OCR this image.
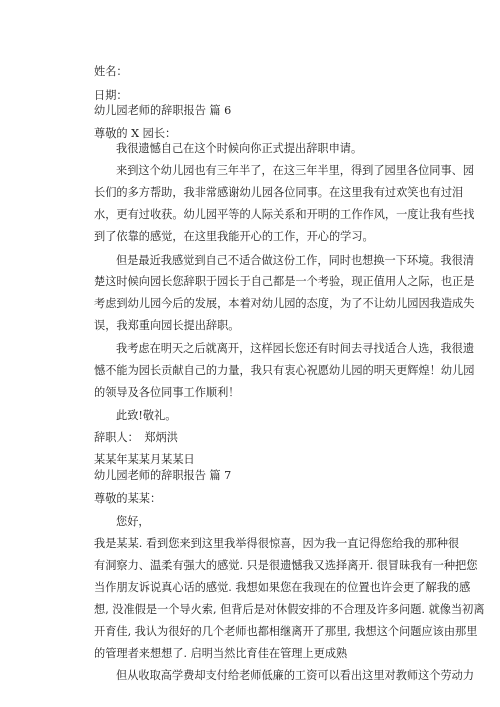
姓名：

日期：

幼儿园老师的辞职报告 篇 6

尊敬的 X 园长：

我很遗憾自己在这个时候向你正式提出辞职申请。

来到这个幼儿园也有三年半了，在这三年半里，得到了园里各位同事、园

长们的多方帮助，我非常感谢幼儿园各位同事。在这里我有过欢笑也有过泪

水，更有过收获。幼儿园平等的人际关系和开明的工作作风，一度让我有些找

到了依靠的感觉，在这里我能开心的工作，开心的学习。

但是最近我感觉到自己不适合做这份工作，同时也想换一下环境。我很清

楚这时候向园长您辞职于园长于自己都是一个考验，现正值用人之际，也正是

考虑到幼儿园今后的发展，本着对幼儿园的态度，为了不让幼儿园因我造成失

误，我郑重向园长提出辞职。

我考虑在明天之后就离开，这样园长您还有时间去寻找适合人选，我很遗

憾不能为园长贡献自己的力量，我只有衷心祝愿幼儿园的明天更辉煌！幼儿园

的领导及各位同事工作顺利！

此致!敬礼。

辞职人：　郑炳洪

某某年某某月某某日

幼儿园老师的辞职报告 篇 7

尊敬的某某：

您好，

我是某某. 看到您来到这里我举得很惊喜，因为我一直记得您给我的那种很

有洞察力、温柔有强大的感觉. 只是很遗憾我又选择离开. 很冒昧我有一种把您

当作朋友诉说真心话的感觉. 我想如果您在我现在的位置也许会更了解我的感

想, 没准假是一个导火索, 但背后是对休假安排的不合理及许多问题. 就像当初离

开育佳, 我认为很好的几个老师也都相继离开了那里, 我想这个问题应该由那里

的管理者来想想了. 启明当然比育佳在管理上更成熟

但从收取高学费却支付给老师低廉的工资可以看出这里对教师这个劳动力
